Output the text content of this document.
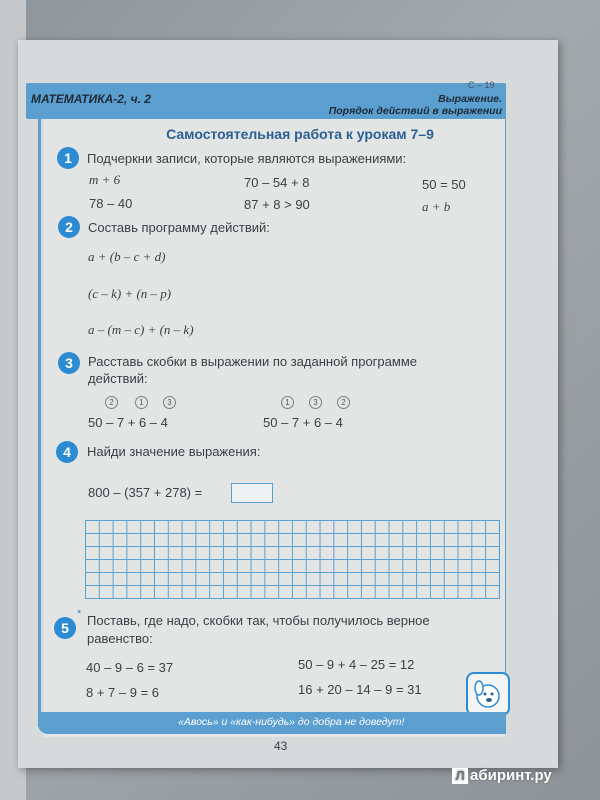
МАТЕМАТИКА-2, ч. 2	Выражение.
Порядок действий в выражении
С – 19
Самостоятельная работа к урокам 7–9
1	Подчеркни записи, которые являются выражениями:
m + 6	70 – 54 + 8	50 = 50
78 – 40	87 + 8 > 90	a + b
2	Составь программу действий:
a + (b – c + d)
(c – k) + (n – p)
a – (m – c) + (n – k)
3	Расставь скобки в выражении по заданной программе
действий:
2	1	3
50 – 7 + 6 – 4
1	3	2
50 – 7 + 6 – 4
4	Найди значение выражения:
800 – (357 + 278) =
5
* Поставь, где надо, скобки так, чтобы получилось верное
равенство:
40 – 9 – 6 = 37	50 – 9 + 4 – 25 = 12
8 + 7 – 9 = 6	16 + 20 – 14 – 9 = 31
«Авось» и «как-нибудь» до добра не доведут!
43
Л абиринт.ру
